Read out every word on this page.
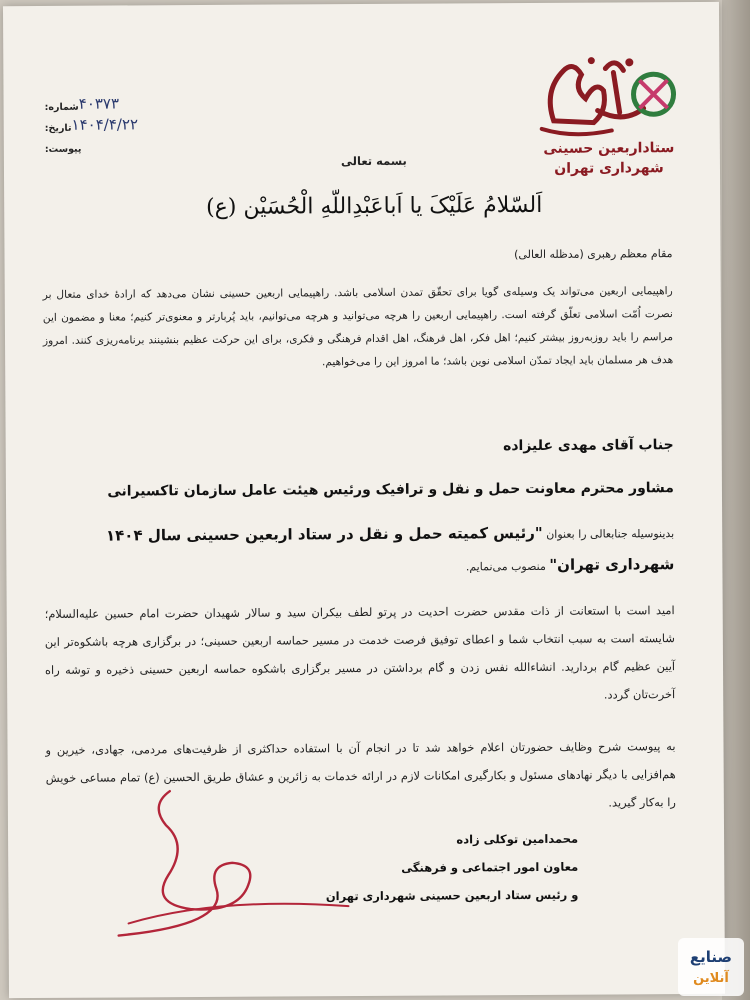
شماره: ۴۰۳۷۳
تاریخ: ۱۴۰۴/۴/۲۲
پیوست:	ستاداربعین حسینی
شهرداری تهران
بسمه تعالی
اَلسّلامُ عَلَیْکَ یا اَباعَبْدِاللّهِ الْحُسَیْن (ع)
مقام معظم رهبری (مدظله العالی)
راهپیمایی اربعین می‌تواند یک وسیله‌ی گویا برای تحقّق تمدن اسلامی باشد. راهپیمایی اربعین حسینی نشان می‌دهد که ارادهٔ خدای متعال بر نصرت اُمّت اسلامی تعلّق گرفته است. راهپیمایی اربعین را هرچه می‌توانید و هرچه می‌توانیم، باید پُربارتر و معنوی‌تر کنیم؛ معنا و مضمون این مراسم را باید روزبه‌روز بیشتر کنیم؛ اهل فکر، اهل فرهنگ، اهل اقدام فرهنگی و فکری، برای این حرکت عظیم بنشینند برنامه‌ریزی کنند. امروز هدف هر مسلمان باید ایجاد تمدّن اسلامی نوین باشد؛ ما امروز این را می‌خواهیم.
جناب آقای مهدی علیزاده
مشاور محترم معاونت حمل و نقل و ترافیک ورئیس هیئت عامل سازمان تاکسیرانی
بدینوسیله جنابعالی را بعنوان "رئیس کمیته حمل و نقل در ستاد اربعین حسینی سال ۱۴۰۴ شهرداری تهران" منصوب می‌نمایم.
امید است با استعانت از ذات مقدس حضرت احدیت در پرتو لطف بیکران سید و سالار شهیدان حضرت امام حسین علیه‌السلام؛ شایسته است به سبب انتخاب شما و اعطای توفیق فرصت خدمت در مسیر حماسه اربعین حسینی؛ در برگزاری هرچه باشکوه‌تر این آیین عظیم گام بردارید. انشاءالله نفس زدن و گام برداشتن در مسیر برگزاری باشکوه حماسه اربعین حسینی ذخیره و توشه راه آخرت‌تان گردد.
به پیوست شرح وظایف حضورتان اعلام خواهد شد تا در انجام آن با استفاده حداکثری از ظرفیت‌های مردمی، جهادی، خیرین و هم‌افزایی با دیگر نهادهای مسئول و بکارگیری امکانات لازم در ارائه خدمات به زائرین و عشاق طریق الحسین (ع) تمام مساعی خویش را به‌کار گیرید.
محمدامین توکلی زاده
معاون امور اجتماعی و فرهنگی
و رئیس ستاد اربعین حسینی شهرداری تهران
صنایع
آنلاین
